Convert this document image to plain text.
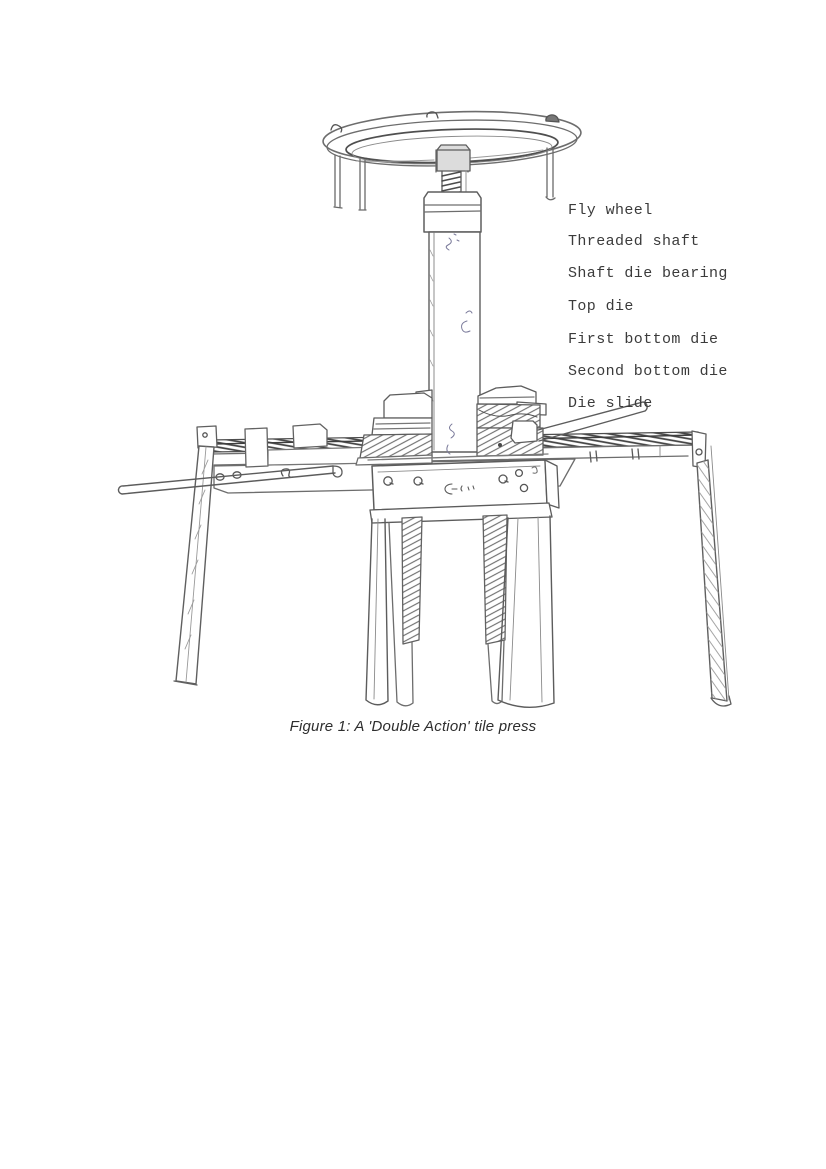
Fly wheel
Threaded shaft
Shaft die bearing
Top die
First bottom die
Second bottom die
Die slide
Figure 1: A 'Double Action' tile press
